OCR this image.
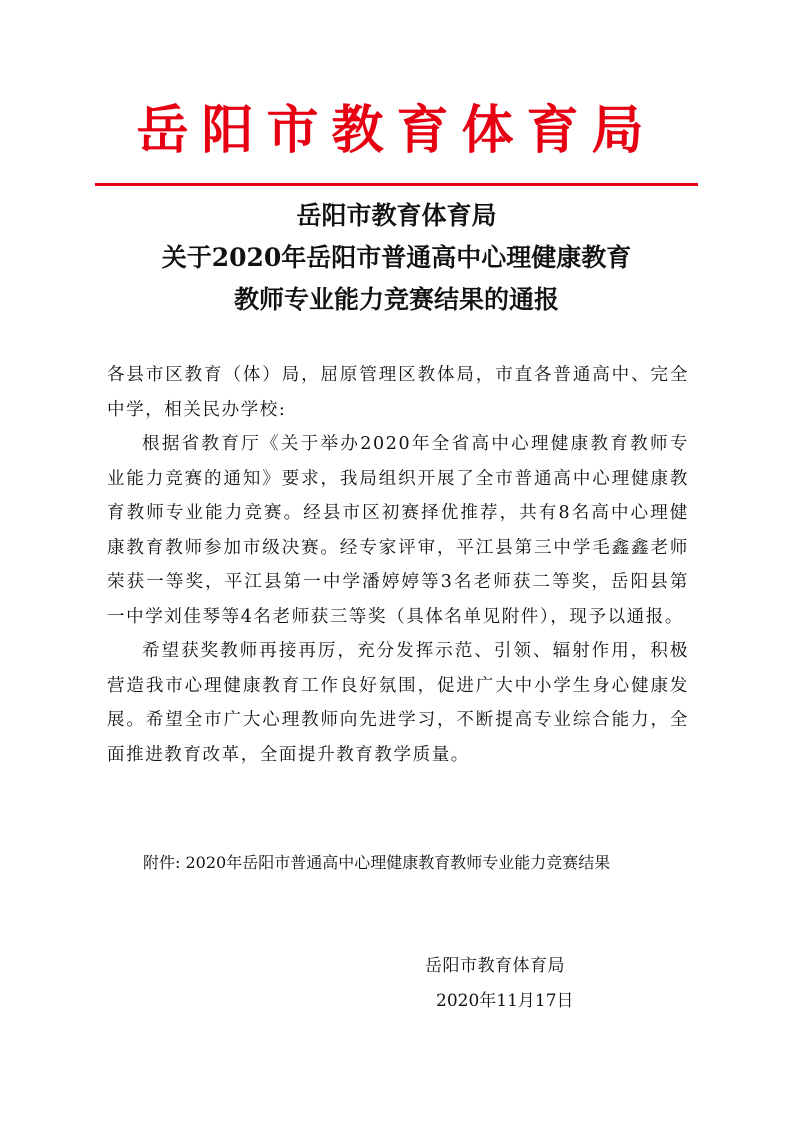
岳阳市教育体育局
岳阳市教育体育局
关于2020年岳阳市普通高中心理健康教育
教师专业能力竞赛结果的通报

各县市区教育（体）局，屈原管理区教体局，市直各普通高中、完全中学，相关民办学校:

根据省教育厅《关于举办2020年全省高中心理健康教育教师专业能力竞赛的通知》要求，我局组织开展了全市普通高中心理健康教育教师专业能力竞赛。经县市区初赛择优推荐，共有8名高中心理健康教育教师参加市级决赛。经专家评审，平江县第三中学毛鑫鑫老师荣获一等奖，平江县第一中学潘婷婷等3名老师获二等奖，岳阳县第一中学刘佳琴等4名老师获三等奖（具体名单见附件），现予以通报。

希望获奖教师再接再厉，充分发挥示范、引领、辐射作用，积极营造我市心理健康教育工作良好氛围，促进广大中小学生身心健康发展。希望全市广大心理教师向先进学习，不断提高专业综合能力，全面推进教育改革，全面提升教育教学质量。

附件: 2020年岳阳市普通高中心理健康教育教师专业能力竞赛结果
岳阳市教育体育局
2020年11月17日
